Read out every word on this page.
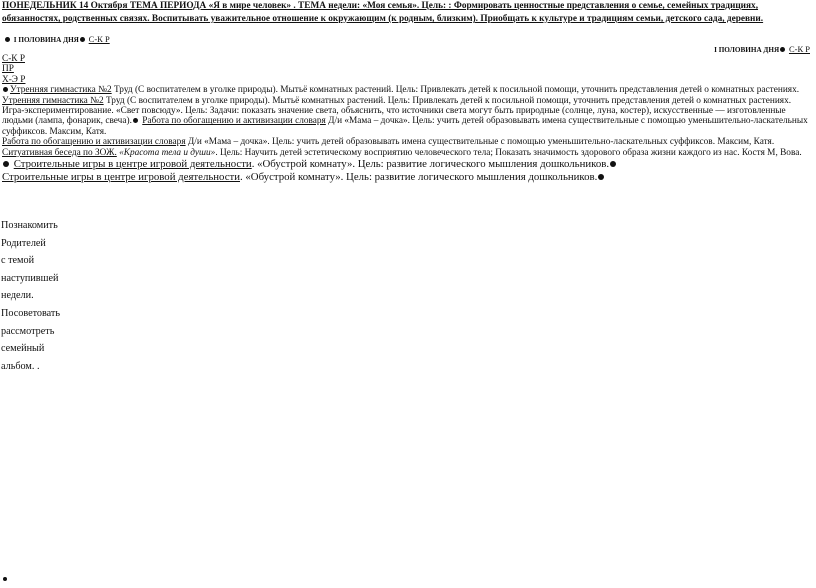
ПОНЕДЕЛЬНИК 14 Октября ТЕМА ПЕРИОДА «Я в мире человек» . ТЕМА недели: «Моя семья». Цель: : Формировать ценностные представления о семье, семейных традициях, обязанностях, родственных связях. Воспитывать уважительное отношение к окружающим (к родным, близким). Приобщать к культуре и традициям семьи, детского сада, деревни.
I ПОЛОВИНА ДНЯ С-К Р
I ПОЛОВИНА ДНЯ С-К Р
С-К Р
ПР
Х-Э Р
Утренняя гимнастика №2 Труд (С воспитателем в уголке природы). Мытьё комнатных растений. Цель: Привлекать детей к посильной помощи, уточнить представления детей о комнатных растениях.
Утренняя гимнастика №2 Труд (С воспитателем в уголке природы). Мытьё комнатных растений. Цель: Привлекать детей к посильной помощи, уточнить представления детей о комнатных растениях.
Игра-экспериментирование. «Свет повсюду». Цель: Задачи: показать значение света, объяснить, что источники света могут быть природные (солнце, луна, костер), искусственные — изготовленные людьми (лампа, фонарик, свеча). Работа по обогащению и активизации словаря Д/и «Мама – дочка». Цель: учить детей образовывать имена существительные с помощью уменьшительно-ласкательных суффиксов. Максим, Катя.
Работа по обогащению и активизации словаря Д/и «Мама – дочка». Цель: учить детей образовывать имена существительные с помощью уменьшительно-ласкательных суффиксов. Максим, Катя.
Ситуативная беседа по ЗОЖ. «Красота тела и души». Цель: Научить детей эстетическому восприятию человеческого тела; Показать значимость здорового образа жизни каждого из нас. Костя М, Вова. Строительные игры в центре игровой деятельности. «Обустрой комнату». Цель: развитие логического мышления дошкольников.
Строительные игры в центре игровой деятельности. «Обустрой комнату». Цель: развитие логического мышления дошкольников.
Познакомить
Родителей
с темой
наступившей
недели.
Посоветовать
рассмотреть
семейный
альбом. .
